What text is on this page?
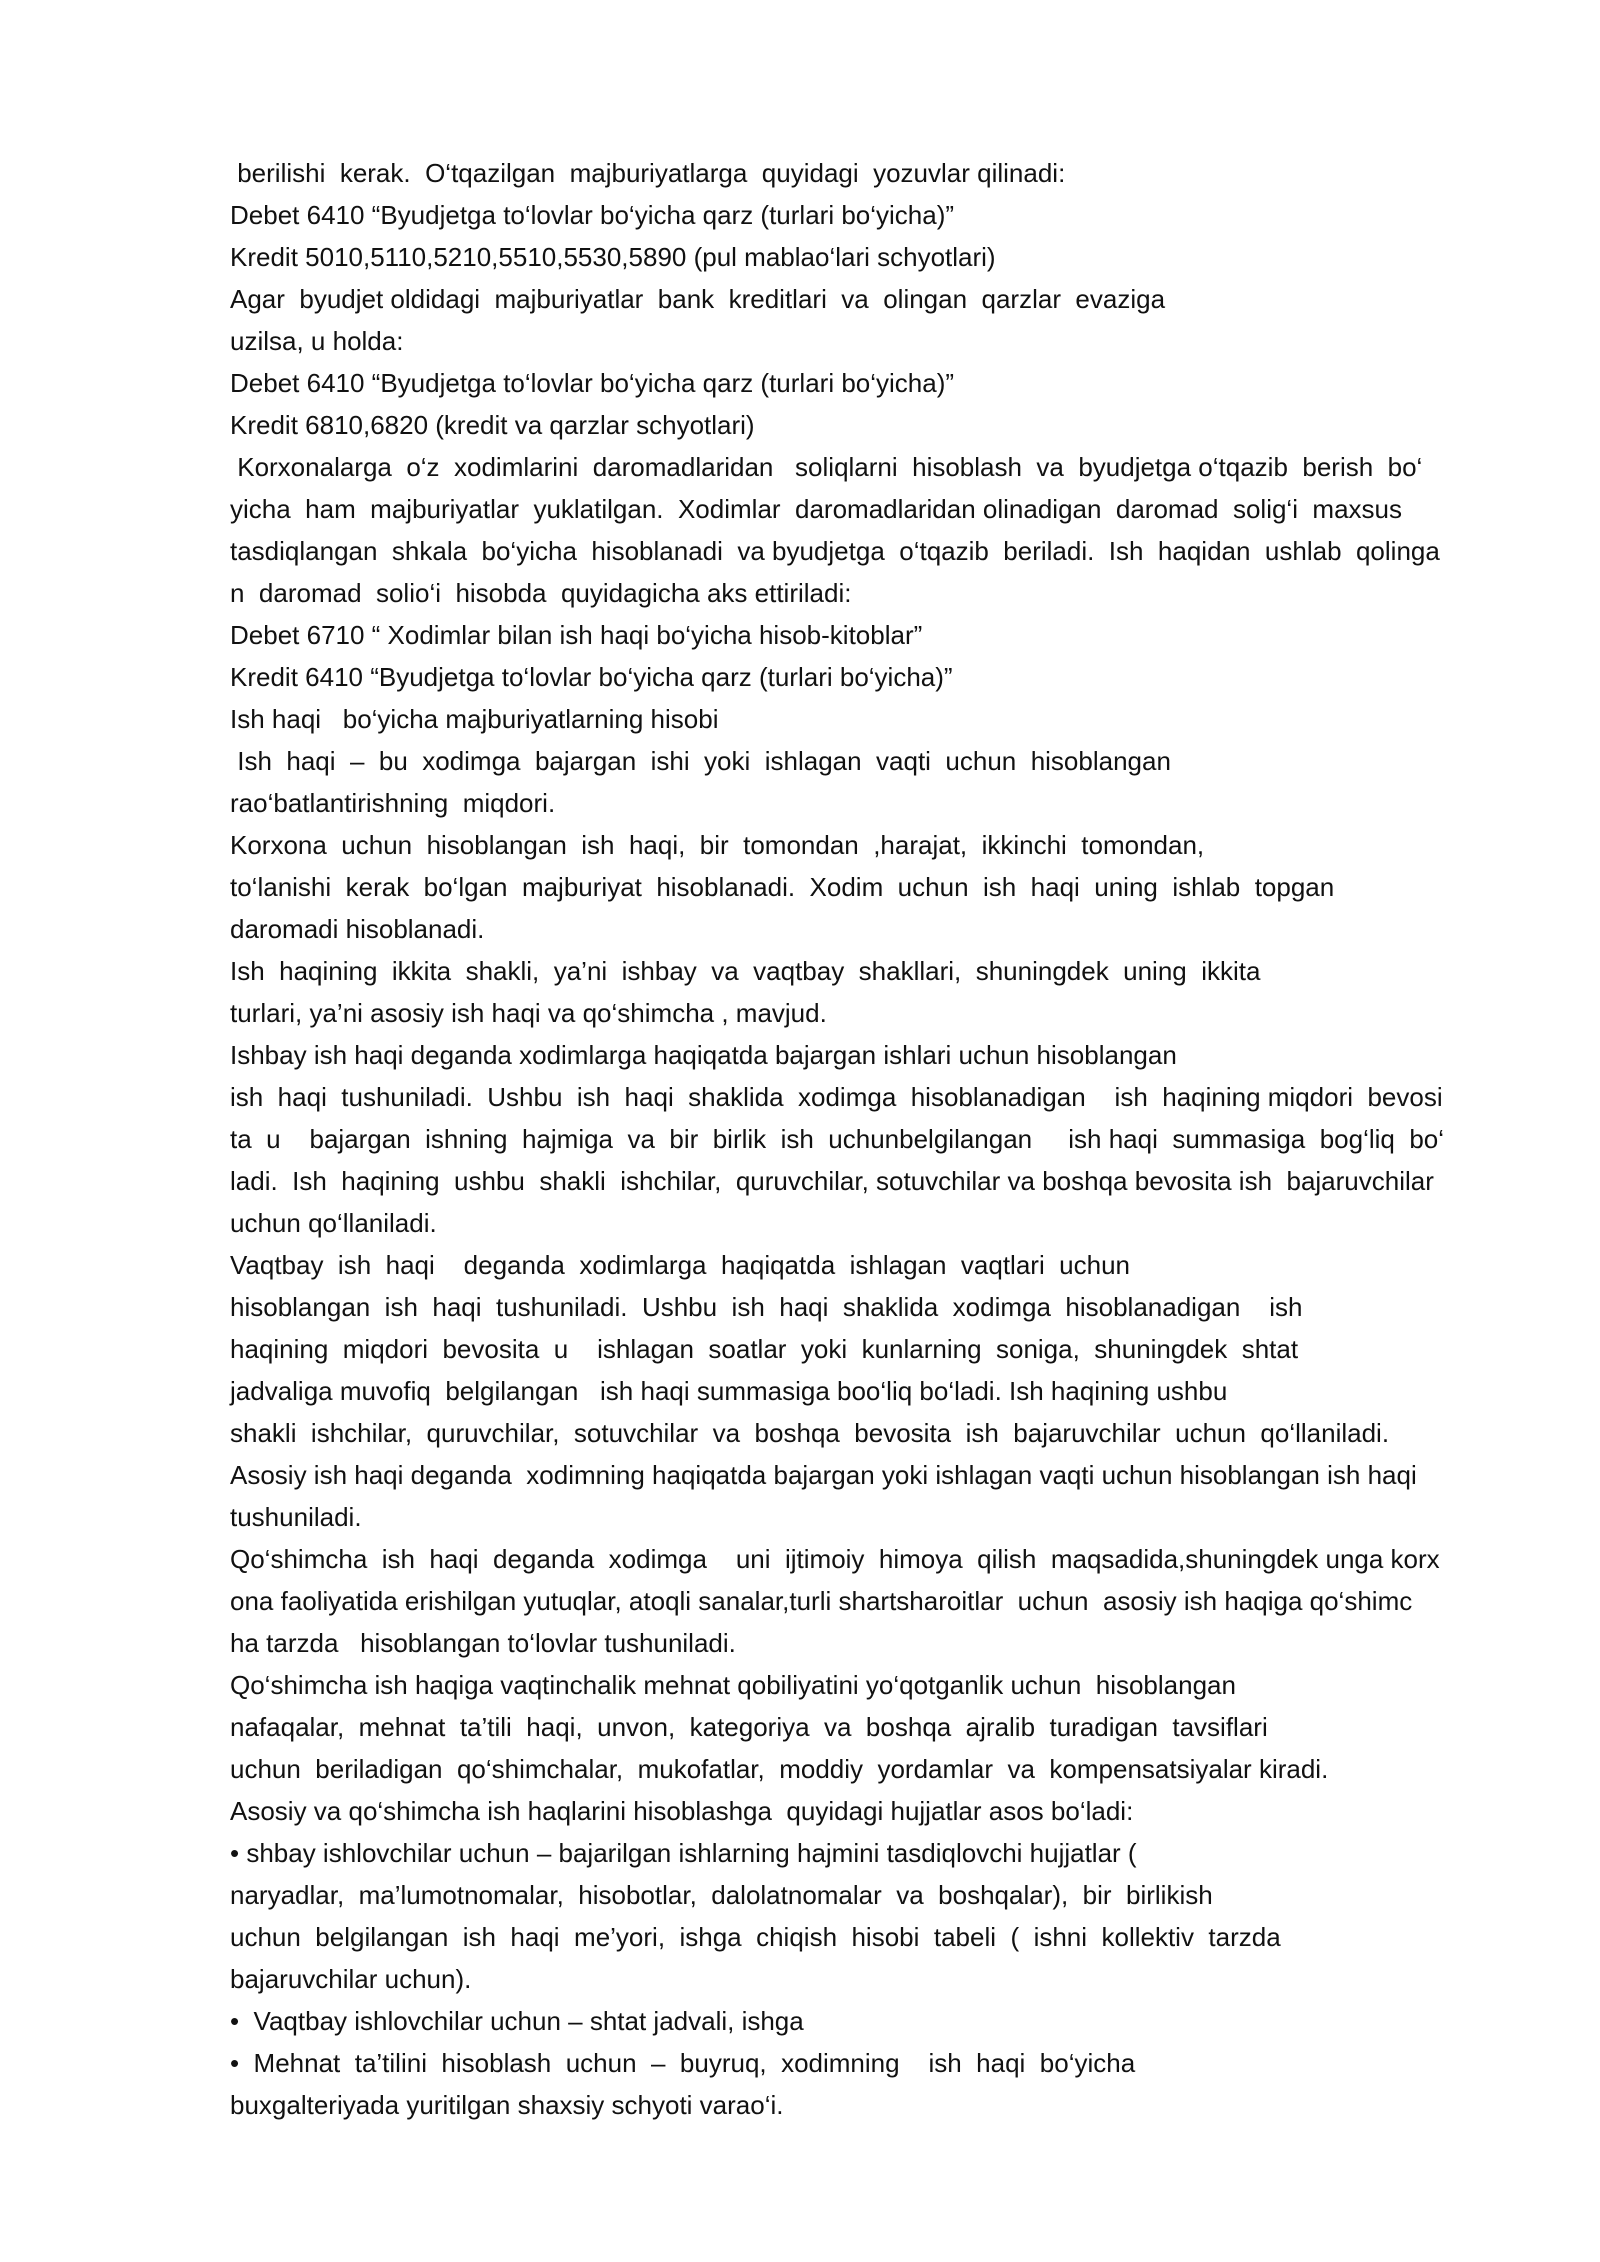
berilishi  kerak.  O‘tqazilgan  majburiyatlarga  quyidagi  yozuvlar qilinadi:
Debet 6410 “Byudjetga to‘lovlar bo‘yicha qarz (turlari bo‘yicha)”
Kredit 5010,5110,5210,5510,5530,5890 (pul mablao‘lari schyotlari)
Agar  byudjet oldidagi  majburiyatlar  bank  kreditlari  va  olingan  qarzlar  evaziga
uzilsa, u holda:
Debet 6410 “Byudjetga to‘lovlar bo‘yicha qarz (turlari bo‘yicha)”
Kredit 6810,6820 (kredit va qarzlar schyotlari)
Korxonalarga  o‘z  xodimlarini  daromadlaridan   soliqlarni  hisoblash  va  byudjetga o‘tqazib  berish  bo‘
yicha  ham  majburiyatlar  yuklatilgan.  Xodimlar  daromadlaridan olinadigan  daromad  solig‘i  maxsus
tasdiqlangan  shkala  bo‘yicha  hisoblanadi  va byudjetga  o‘tqazib  beriladi.  Ish  haqidan  ushlab  qolinga
n  daromad  solio‘i  hisobda  quyidagicha aks ettiriladi:
Debet 6710 “ Xodimlar bilan ish haqi bo‘yicha hisob-kitoblar”
Kredit 6410 “Byudjetga to‘lovlar bo‘yicha qarz (turlari bo‘yicha)”
Ish haqi   bo‘yicha majburiyatlarning hisobi
Ish  haqi  –  bu  xodimga  bajargan  ishi  yoki  ishlagan  vaqti  uchun  hisoblangan
rao‘batlantirishning  miqdori.
Korxona  uchun  hisoblangan  ish  haqi,  bir  tomondan  ,harajat,  ikkinchi  tomondan,
to‘lanishi  kerak  bo‘lgan  majburiyat  hisoblanadi.  Xodim  uchun  ish  haqi  uning  ishlab  topgan
daromadi hisoblanadi.
Ish  haqining  ikkita  shakli,  ya’ni  ishbay  va  vaqtbay  shakllari,  shuningdek  uning  ikkita
turlari, ya’ni asosiy ish haqi va qo‘shimcha , mavjud.
Ishbay ish haqi deganda xodimlarga haqiqatda bajargan ishlari uchun hisoblangan
ish  haqi  tushuniladi.  Ushbu  ish  haqi  shaklida  xodimga  hisoblanadigan    ish  haqining miqdori  bevosi
ta  u    bajargan  ishning  hajmiga  va  bir  birlik  ish  uchunbelgilangan     ish haqi  summasiga  bog‘liq  bo‘
ladi.  Ish  haqining  ushbu  shakli  ishchilar,  quruvchilar, sotuvchilar va boshqa bevosita ish  bajaruvchilar
uchun qo‘llaniladi.
Vaqtbay  ish  haqi    deganda  xodimlarga  haqiqatda  ishlagan  vaqtlari  uchun
hisoblangan  ish  haqi  tushuniladi.  Ushbu  ish  haqi  shaklida  xodimga  hisoblanadigan    ish
haqining  miqdori  bevosita  u    ishlagan  soatlar  yoki  kunlarning  soniga,  shuningdek  shtat
jadvaliga muvofiq  belgilangan   ish haqi summasiga boo‘liq bo‘ladi. Ish haqining ushbu
shakli  ishchilar,  quruvchilar,  sotuvchilar  va  boshqa  bevosita  ish  bajaruvchilar  uchun  qo‘llaniladi.
Asosiy ish haqi deganda  xodimning haqiqatda bajargan yoki ishlagan vaqti uchun hisoblangan ish haqi
tushuniladi.
Qo‘shimcha  ish  haqi  deganda  xodimga    uni  ijtimoiy  himoya  qilish  maqsadida,shuningdek unga korx
ona faoliyatida erishilgan yutuqlar, atoqli sanalar,turli shartsharoitlar  uchun  asosiy ish haqiga qo‘shimc
ha tarzda   hisoblangan to‘lovlar tushuniladi.
Qo‘shimcha ish haqiga vaqtinchalik mehnat qobiliyatini yo‘qotganlik uchun  hisoblangan
nafaqalar,  mehnat  ta’tili  haqi,  unvon,  kategoriya  va  boshqa  ajralib  turadigan  tavsiflari
uchun  beriladigan  qo‘shimchalar,  mukofatlar,  moddiy  yordamlar  va  kompensatsiyalar kiradi.
Asosiy va qo‘shimcha ish haqlarini hisoblashga  quyidagi hujjatlar asos bo‘ladi:
• shbay ishlovchilar uchun – bajarilgan ishlarning hajmini tasdiqlovchi hujjatlar (
naryadlar,  ma’lumotnomalar,  hisobotlar,  dalolatnomalar  va  boshqalar),  bir  birlikish
uchun  belgilangan  ish  haqi  me’yori,  ishga  chiqish  hisobi  tabeli  (  ishni  kollektiv  tarzda
bajaruvchilar uchun).
•  Vaqtbay ishlovchilar uchun – shtat jadvali, ishga
•  Mehnat  ta’tilini  hisoblash  uchun  –  buyruq,  xodimning    ish  haqi  bo‘yicha
buxgalteriyada yuritilgan shaxsiy schyoti varao‘i.
